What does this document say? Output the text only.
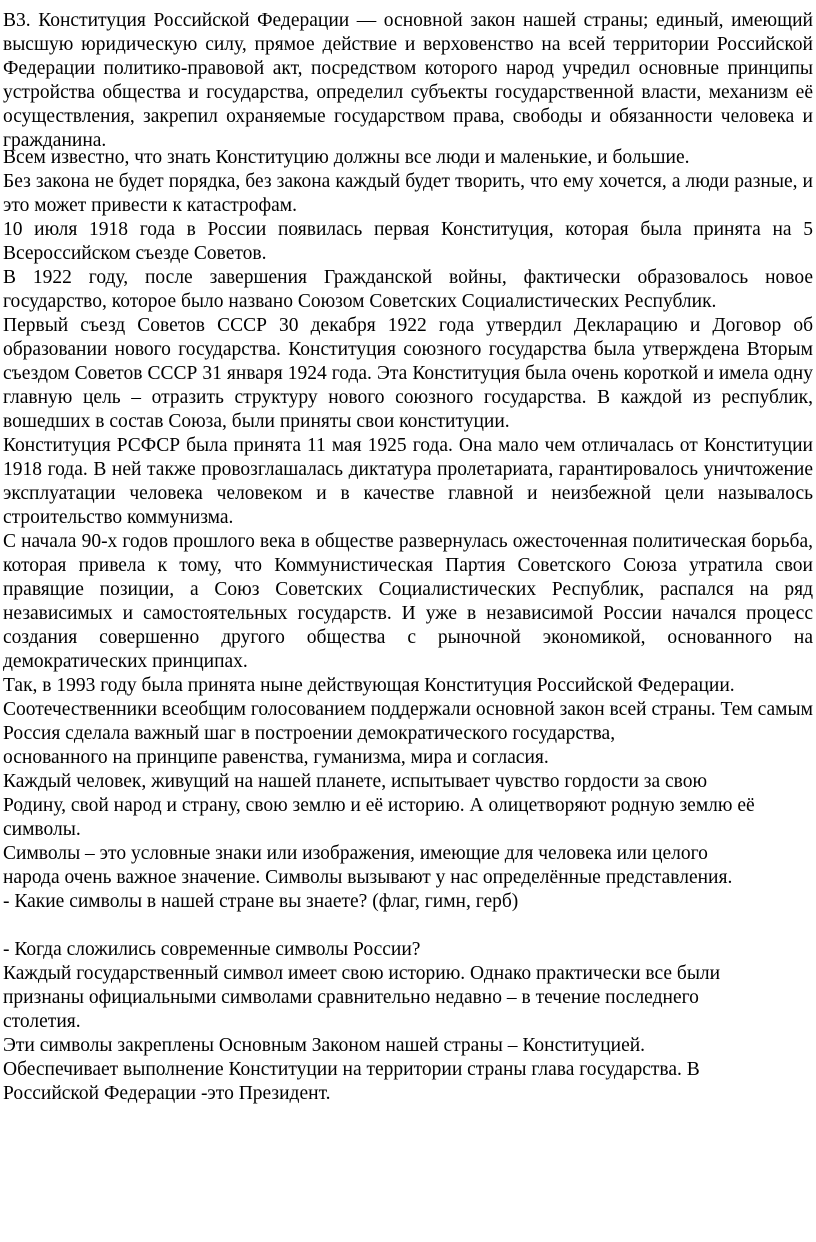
В3. Конституция Российской Федерации — основной закон нашей страны; единый, имеющий высшую юридическую силу, прямое действие и верховенство на всей территории Российской Федерации политико-правовой акт, посредством которого народ учредил основные принципы устройства общества и государства, определил субъекты государственной власти, механизм её осуществления, закрепил охраняемые государством права, свободы и обязанности человека и гражданина.

Всем известно, что знать Конституцию должны все люди и маленькие, и большие.

Без закона не будет порядка, без закона каждый будет творить, что ему хочется, а люди разные, и это может привести к катастрофам.

10 июля 1918 года в России появилась первая Конституция, которая была принята на 5 Всероссийском съезде Советов.

В 1922 году, после завершения Гражданской войны, фактически образовалось новое государство, которое было названо Союзом Советских Социалистических Республик.

Первый съезд Советов СССР 30 декабря 1922 года утвердил Декларацию и Договор об образовании нового государства. Конституция союзного государства была утверждена Вторым съездом Советов СССР 31 января 1924 года. Эта Конституция была очень короткой и имела одну главную цель – отразить структуру нового союзного государства. В каждой из республик, вошедших в состав Союза, были приняты свои конституции.

Конституция РСФСР была принята 11 мая 1925 года. Она мало чем отличалась от Конституции 1918 года. В ней также провозглашалась диктатура пролетариата, гарантировалось уничтожение эксплуатации человека человеком и в качестве главной и неизбежной цели называлось строительство коммунизма.

С начала 90-х годов прошлого века в обществе развернулась ожесточенная политическая борьба, которая привела к тому, что Коммунистическая Партия Советского Союза утратила свои правящие позиции, а Союз Советских Социалистических Республик, распался на ряд независимых и самостоятельных государств. И уже в независимой России начался процесс создания совершенно другого общества с рыночной экономикой, основанного на демократических принципах.

Так, в 1993 году была принята ныне действующая Конституция Российской Федерации.
Соотечественники всеобщим голосованием поддержали основной закон всей страны. Тем самым Россия сделала важный шаг в построении демократического государства,
основанного на принципе равенства, гуманизма, мира и согласия.

Каждый человек, живущий на нашей планете, испытывает чувство гордости за свою
Родину, свой народ и страну, свою землю и её историю. А олицетворяют родную землю её
символы.

Символы – это условные знаки или изображения, имеющие для человека или целого
народа очень важное значение. Символы вызывают у нас определённые представления.

- Какие символы в нашей стране вы знаете? (флаг, гимн, герб)

- Когда сложились современные символы России?

Каждый государственный символ имеет свою историю. Однако практически все были
признаны официальными символами сравнительно недавно – в течение последнего
столетия.

Эти символы закреплены Основным Законом нашей страны – Конституцией.
Обеспечивает выполнение Конституции на территории страны глава государства. В
Российской Федерации -это Президент.
